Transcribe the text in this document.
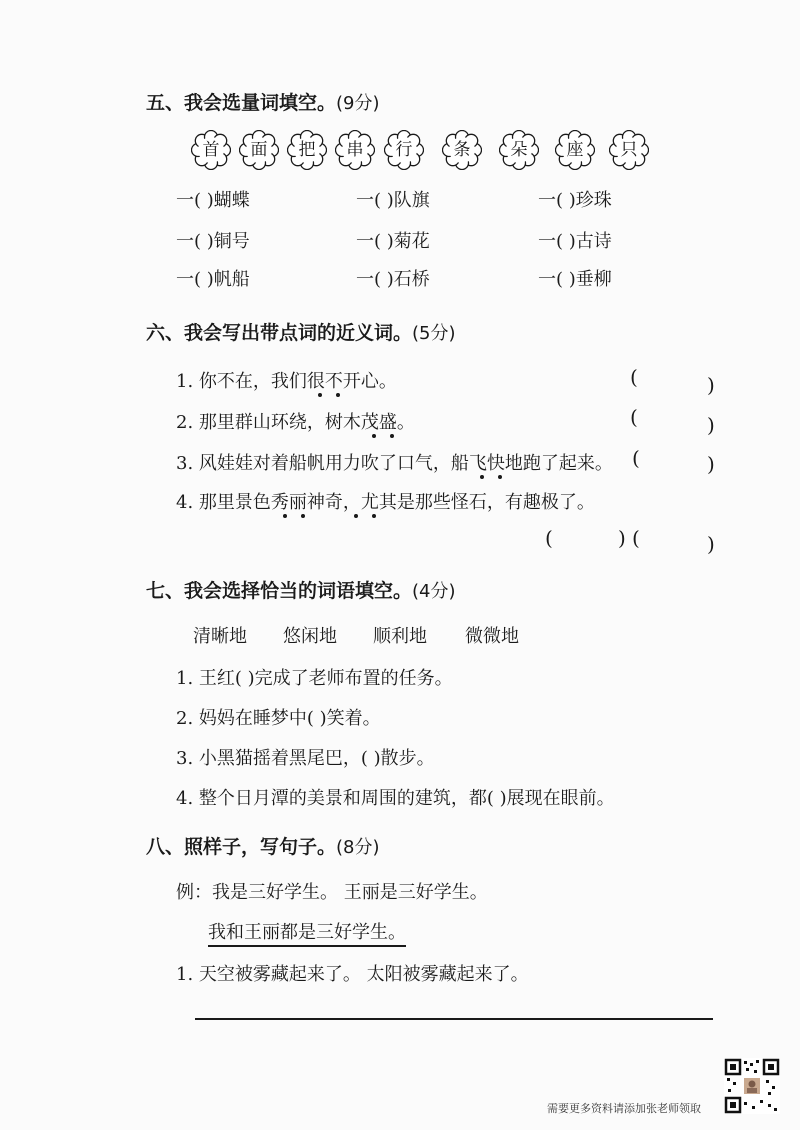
五、我会选量词填空。(9分)
首	面	把	串	行	条	朵	座	只
一( )蝴蝶	一( )队旗	一( )珍珠
一( )铜号	一( )菊花	一( )古诗
一( )帆船	一( )石桥	一( )垂柳
六、我会写出带点词的近义词。(5分)
1. 你不在，我们很不开心。
2. 那里群山环绕，树木茂盛。
3. 风娃娃对着船帆用力吹了口气，船飞快地跑了起来。
4. 那里景色秀丽神奇，尤其是那些怪石，有趣极了。
(	)
(	)
(	)
(	) (	)
七、我会选择恰当的词语填空。(4分)
清晰地 悠闲地 顺利地 微微地
1. 王红( )完成了老师布置的任务。
2. 妈妈在睡梦中( )笑着。
3. 小黑猫摇着黑尾巴，( )散步。
4. 整个日月潭的美景和周围的建筑，都( )展现在眼前。
八、照样子，写句子。(8分)
例：我是三好学生。 王丽是三好学生。
我和王丽都是三好学生。
1. 天空被雾藏起来了。 太阳被雾藏起来了。
需要更多资料请添加张老师领取
